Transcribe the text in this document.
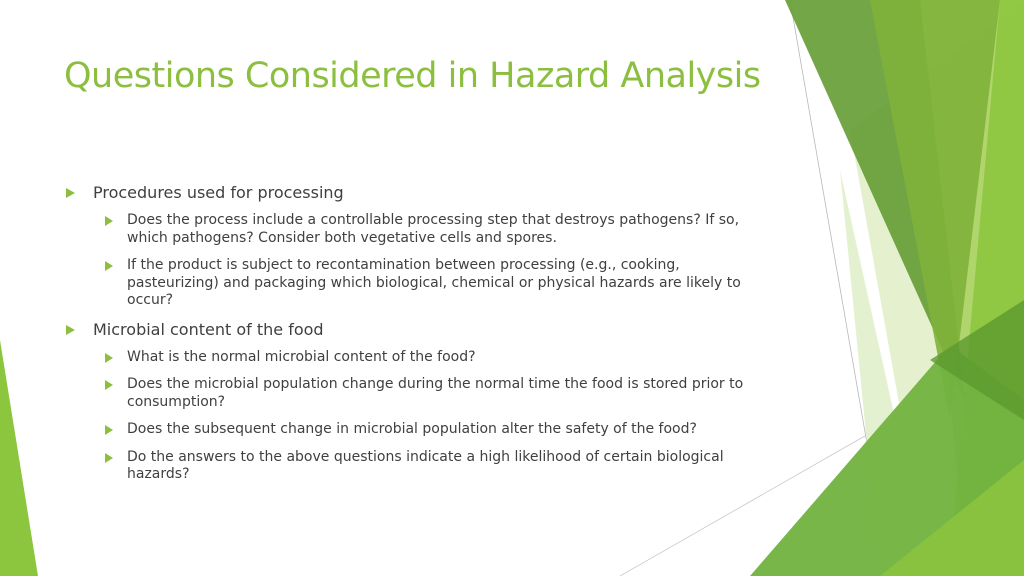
Questions Considered in Hazard Analysis
Procedures used for processing
Does the process include a controllable processing step that destroys pathogens? If so, which pathogens? Consider both vegetative cells and spores.
If the product is subject to recontamination between processing (e.g., cooking, pasteurizing) and packaging which biological, chemical or physical hazards are likely to occur?
Microbial content of the food
What is the normal microbial content of the food?
Does the microbial population change during the normal time the food is stored prior to consumption?
Does the subsequent change in microbial population alter the safety of the food?
Do the answers to the above questions indicate a high likelihood of certain biological hazards?
